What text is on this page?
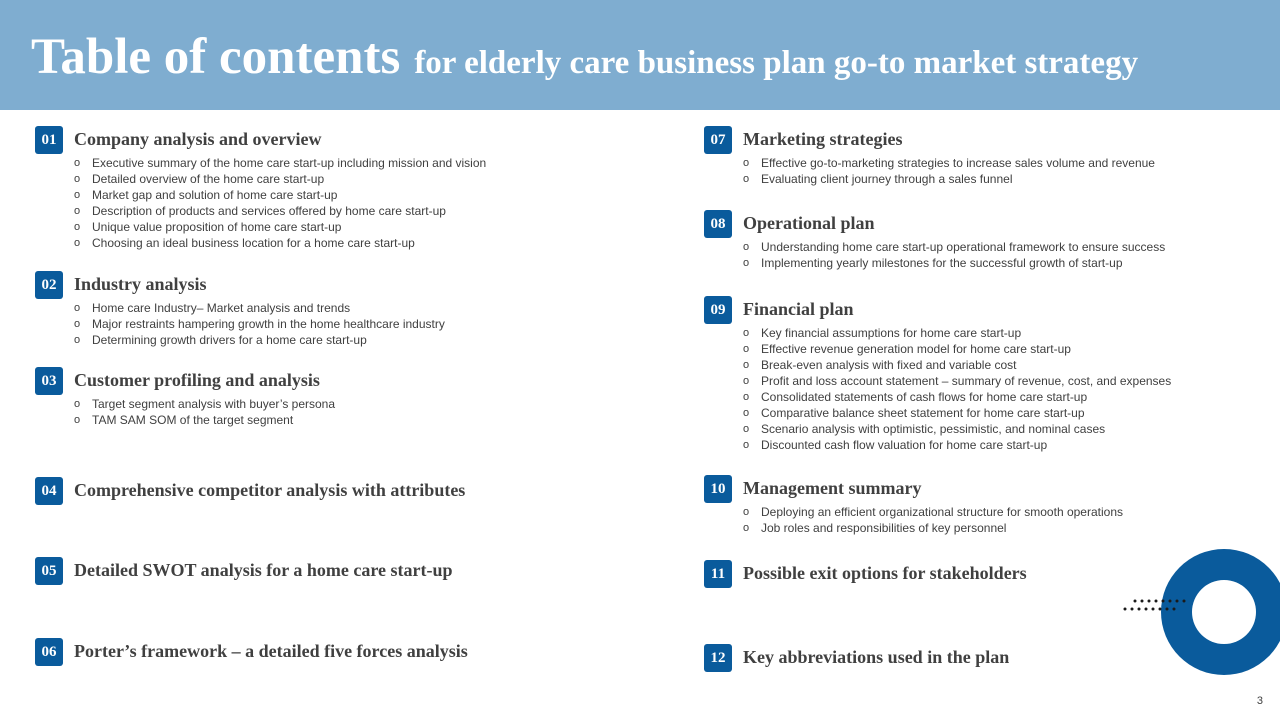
Table of contents for elderly care business plan go-to market strategy
01 Company analysis and overview
o Executive summary of the home care start-up including mission and vision
o Detailed overview of the home care start-up
o Market gap and solution of home care start-up
o Description of products and services offered by home care start-up
o Unique value proposition of home care start-up
o Choosing an ideal business location for a home care start-up
02 Industry analysis
o Home care Industry– Market analysis and trends
o Major restraints hampering growth in the home healthcare industry
o Determining growth drivers for a home care start-up
03 Customer profiling and analysis
o Target segment analysis with buyer’s persona
o TAM SAM SOM of the target segment
04 Comprehensive competitor analysis with attributes
05 Detailed SWOT analysis for a home care start-up
06 Porter’s framework – a detailed five forces analysis
07 Marketing strategies
o Effective go-to-marketing strategies to increase sales volume and revenue
o Evaluating client journey through a sales funnel
08 Operational plan
o Understanding home care start-up operational framework to ensure success
o Implementing yearly milestones for the successful growth of start-up
09 Financial plan
o Key financial assumptions for home care start-up
o Effective revenue generation model for home care start-up
o Break-even analysis with fixed and variable cost
o Profit and loss account statement – summary of revenue, cost, and expenses
o Consolidated statements of cash flows for home care start-up
o Comparative balance sheet statement for home care start-up
o Scenario analysis with optimistic, pessimistic, and nominal cases
o Discounted cash flow valuation for home care start-up
10 Management summary
o Deploying an efficient organizational structure for smooth operations
o Job roles and responsibilities of key personnel
11 Possible exit options for stakeholders
12 Key abbreviations used in the plan
3
